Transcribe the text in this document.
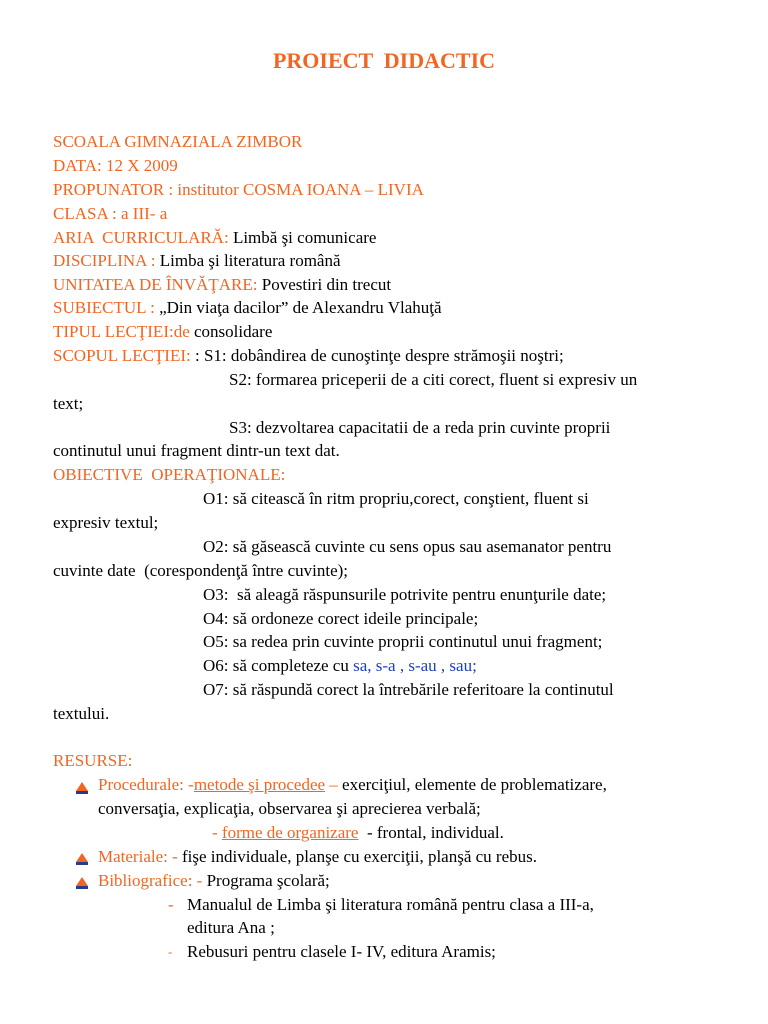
PROIECT  DIDACTIC
SCOALA GIMNAZIALA ZIMBOR
DATA: 12 X 2009
PROPUNATOR : institutor COSMA IOANA – LIVIA
CLASA : a III- a
ARIA  CURRICULARĂ: Limbă şi comunicare
DISCIPLINA : Limba şi literatura română
UNITATEA DE ÎNVĂŢARE: Povestiri din trecut
SUBIECTUL : „Din viaţa dacilor” de Alexandru Vlahuţă
TIPUL LECŢIEI:de consolidare
SCOPUL LECŢIEI: : S1: dobândirea de cunoştinţe despre strămoşii noştri;
S2: formarea priceperii de a citi corect, fluent si expresiv un
text;
S3: dezvoltarea capacitatii de a reda prin cuvinte proprii
continutul unui fragment dintr-un text dat.
OBIECTIVE  OPERAŢIONALE:
O1: să citească în ritm propriu,corect, conştient, fluent si
expresiv textul;
O2: să găsească cuvinte cu sens opus sau asemanator pentru
cuvinte date  (corespondenţă între cuvinte);
O3:  să aleagă răspunsurile potrivite pentru enunţurile date;
O4: să ordoneze corect ideile principale;
O5: sa redea prin cuvinte proprii continutul unui fragment;
O6: să completeze cu sa, s-a , s-au , sau;
O7: să răspundă corect la întrebările referitoare la continutul
textului.
RESURSE:
Procedurale: -metode şi procedee – exerciţiul, elemente de problematizare,
conversaţia, explicaţia, observarea şi aprecierea verbală;
- forme de organizare  - frontal, individual.
Materiale: - fişe individuale, planşe cu exerciţii, planşă cu rebus.
Bibliografice: - Programa şcolară;
- Manualul de Limba şi literatura română pentru clasa a III-a,
editura Ana ;
- Rebusuri pentru clasele I- IV, editura Aramis;
